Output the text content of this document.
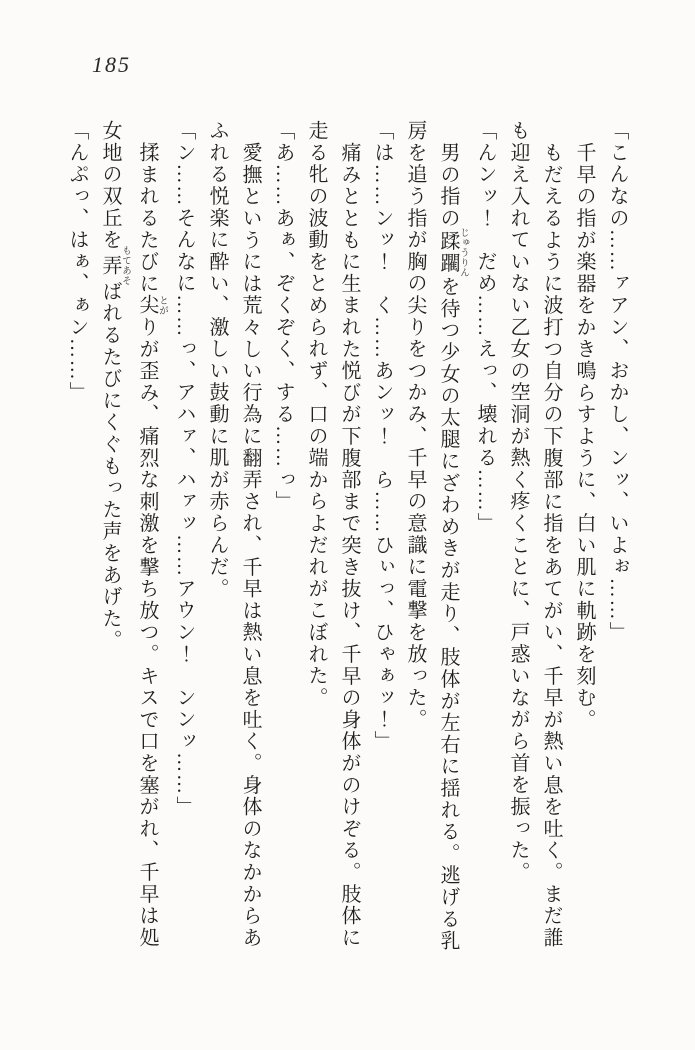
185
「こんなの……ァアン、おかし、ンッ、いよぉ……」
千早の指が楽器をかき鳴らすように、白い肌に軌跡を刻む。
もだえるように波打つ自分の下腹部に指をあてがい、千早が熱い息を吐く。まだ誰
も迎え入れていない乙女の空洞が熱く疼くことに、戸惑いながら首を振った。
「んンッ！　だめ……えっ、壊れる……」
男の指の蹂躙 じゅうりんを待つ少女の太腿にざわめきが走り、肢体が左右に揺れる。逃げる乳
房を追う指が胸の尖りをつかみ、千早の意識に電撃を放った。
「は……ンッ！　く……あンッ！　ら……ひぃっ、ひゃぁッ！」
痛みとともに生まれた悦びが下腹部まで突き抜け、千早の身体がのけぞる。肢体に
走る牝の波動をとめられず、口の端からよだれがこぼれた。
「あ……あぁ、ぞくぞく、する……っ」
愛撫というには荒々しい行為に翻弄され、千早は熱い息を吐く。身体のなかからあ
ふれる悦楽に酔い、激しい鼓動に肌が赤らんだ。
「ン……そんなに……っ、アハァ、ハァッ……アウン！　ンンッ……」
揉まれるたびに尖 とがりが歪み、痛烈な刺激を撃ち放つ。キスで口を塞がれ、千早は処
女地の双丘を弄 もてあそばれるたびにくぐもった声をあげた。
「んぷっ、はぁ、ぁン……」
